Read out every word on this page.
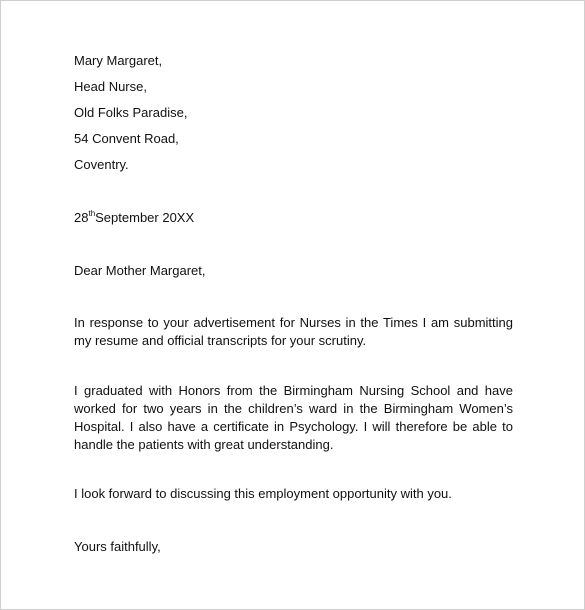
Mary Margaret,
Head Nurse,
Old Folks Paradise,
54 Convent Road,
Coventry.
28thSeptember 20XX
Dear Mother Margaret,
In response to your advertisement for Nurses in the Times I am submitting my resume and official transcripts for your scrutiny.
I graduated with Honors from the Birmingham Nursing School and have worked for two years in the children’s ward in the Birmingham Women’s Hospital. I also have a certificate in Psychology. I will therefore be able to handle the patients with great understanding.
I look forward to discussing this employment opportunity with you.
Yours faithfully,
